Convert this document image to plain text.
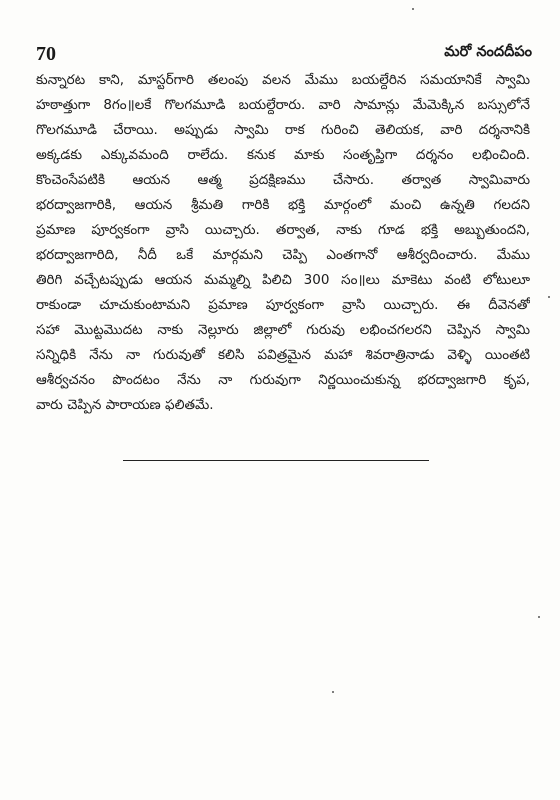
70	మరో నందదీపం
కున్నారట కాని, మాస్టర్‌గారి తలంపు వలన మేము బయల్దేరిన సమయానికే స్వామి
హఠాత్తుగా 8గం॥లకే గొలగమూడి బయల్దేరారు. వారి సామాన్లు మేమెక్కిన బస్సులోనే
గొలగమూడి చేరాయి. అప్పుడు స్వామి రాక గురించి తెలియక, వారి దర్శనానికి
అక్కడకు ఎక్కువమంది రాలేదు. కనుక మాకు సంతృప్తిగా దర్శనం లభించింది.
కొంచెంసేపటికి ఆయన ఆత్మ ప్రదక్షిణము చేసారు. తర్వాత స్వామివారు
భరద్వాజగారికి, ఆయన శ్రీమతి గారికి భక్తి మార్గంలో మంచి ఉన్నతి గలదని
ప్రమాణ పూర్వకంగా వ్రాసి యిచ్చారు. తర్వాత, నాకు గూడ భక్తి అబ్బుతుందని,
భరద్వాజగారిది, నీదీ ఒకే మార్గమని చెప్పి ఎంతగానో ఆశీర్వదించారు. మేము
తిరిగి వచ్చేటప్పుడు ఆయన మమ్మల్ని పిలిచి 300 సం॥లు మాకెటు వంటి లోటులూ
రాకుండా చూచుకుంటామని ప్రమాణ పూర్వకంగా వ్రాసి యిచ్చారు. ఈ దీవెనతో
సహా మొట్టమొదట నాకు నెల్లూరు జిల్లాలో గురువు లభించగలరని చెప్పిన స్వామి
సన్నిధికి నేను నా గురువుతో కలిసి పవిత్రమైన మహా శివరాత్రినాడు వెళ్ళి యింతటి
ఆశీర్వచనం పొందటం నేను నా గురువుగా నిర్ణయించుకున్న భరద్వాజగారి కృప,
వారు చెప్పిన పారాయణ ఫలితమే.
